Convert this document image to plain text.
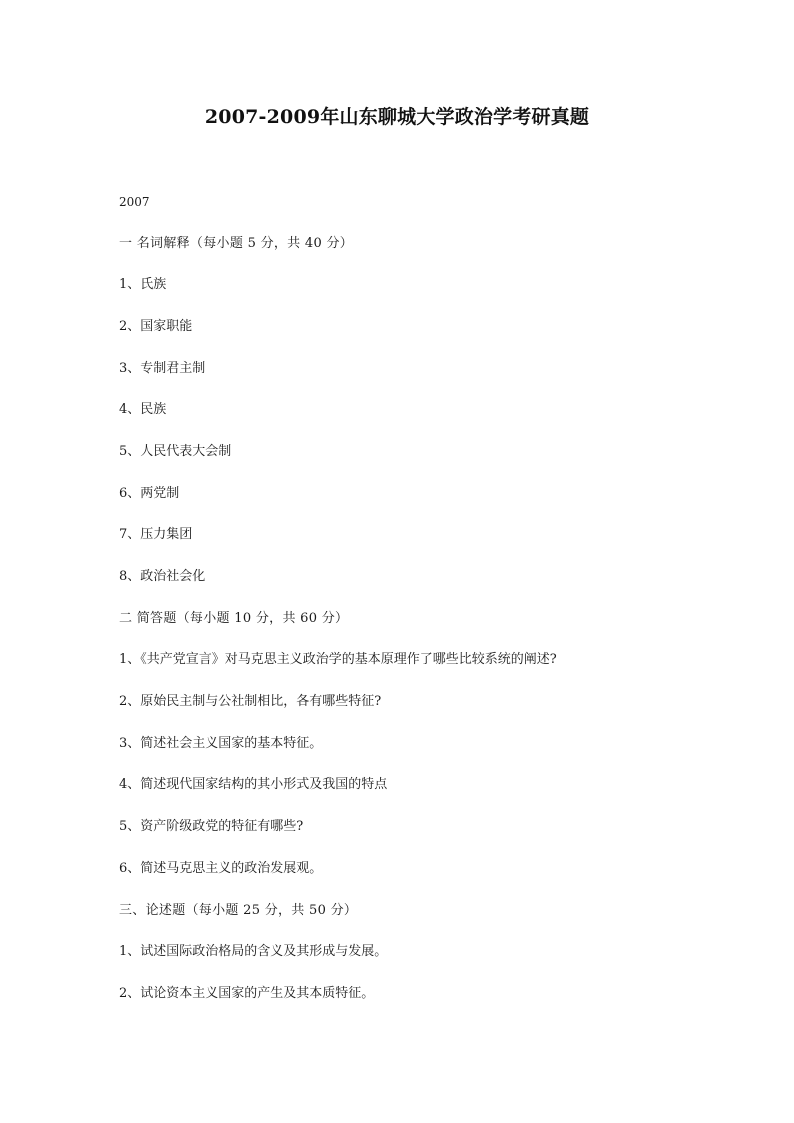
2007-2009年山东聊城大学政治学考研真题
2007
一 名词解释（每小题 5 分，共 40 分）
1、氏族
2、国家职能
3、专制君主制
4、民族
5、人民代表大会制
6、两党制
7、压力集团
8、政治社会化
二 简答题（每小题 10 分，共 60 分）
1、《共产党宣言》对马克思主义政治学的基本原理作了哪些比较系统的阐述?
2、原始民主制与公社制相比，各有哪些特征?
3、简述社会主义国家的基本特征。
4、简述现代国家结构的其小形式及我国的特点
5、资产阶级政党的特征有哪些?
6、简述马克思主义的政治发展观。
三、论述题（每小题 25 分，共 50 分）
1、试述国际政治格局的含义及其形成与发展。
2、试论资本主义国家的产生及其本质特征。
